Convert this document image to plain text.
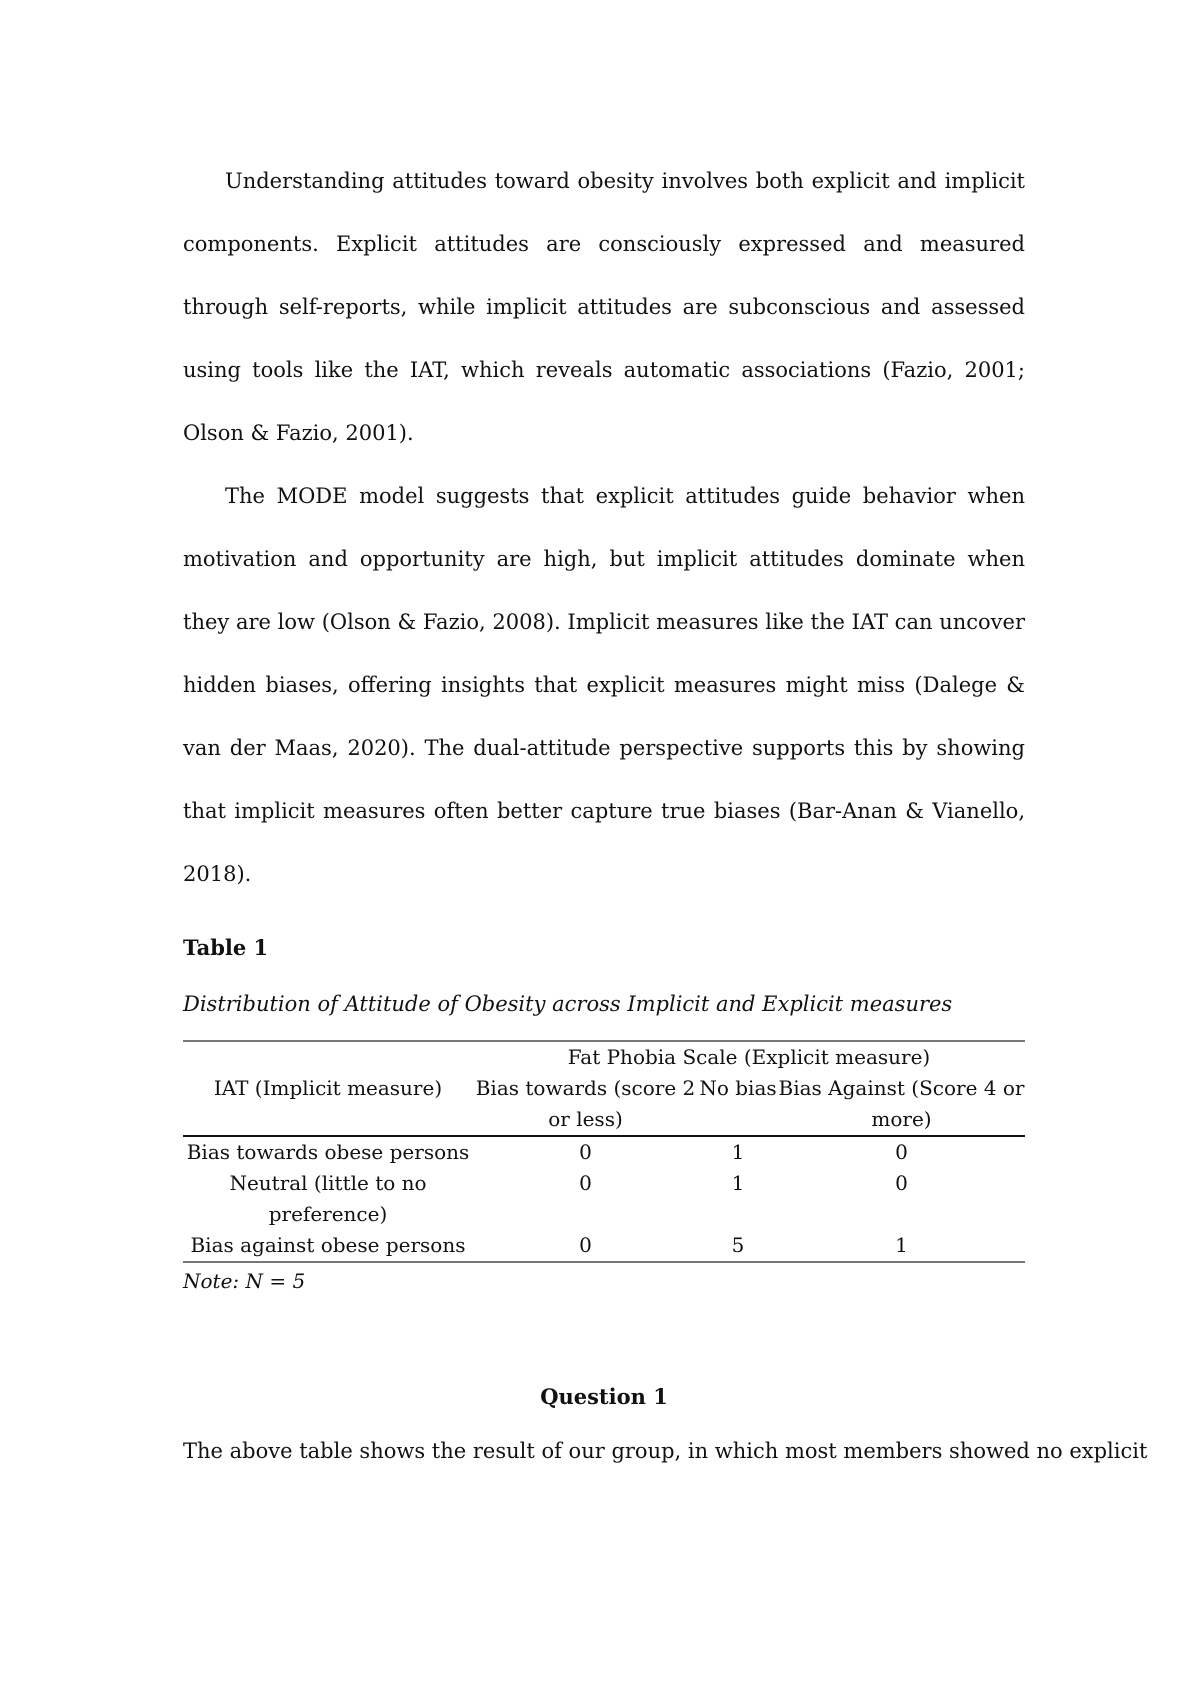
Understanding attitudes toward obesity involves both explicit and implicit components. Explicit attitudes are consciously expressed and measured through self-reports, while implicit attitudes are subconscious and assessed using tools like the IAT, which reveals automatic associations (Fazio, 2001; Olson & Fazio, 2001).

The MODE model suggests that explicit attitudes guide behavior when motivation and opportunity are high, but implicit attitudes dominate when they are low (Olson & Fazio, 2008). Implicit measures like the IAT can uncover hidden biases, offering insights that explicit measures might miss (Dalege & van der Maas, 2020). The dual-attitude perspective supports this by showing that implicit measures often better capture true biases (Bar-Anan & Vianello, 2018).

Table 1
Distribution of Attitude of Obesity across Implicit and Explicit measures
	Fat Phobia Scale (Explicit measure)		
IAT (Implicit measure)	Bias towards (score 2 or less)	No bias	Bias Against (Score 4 or more)
Bias towards obese persons	0	1	0
Neutral (little to no preference)	0	1	0
Bias against obese persons	0	5	1
Note: N = 5
Question 1

The above table shows the result of our group, in which most members showed no explicit
